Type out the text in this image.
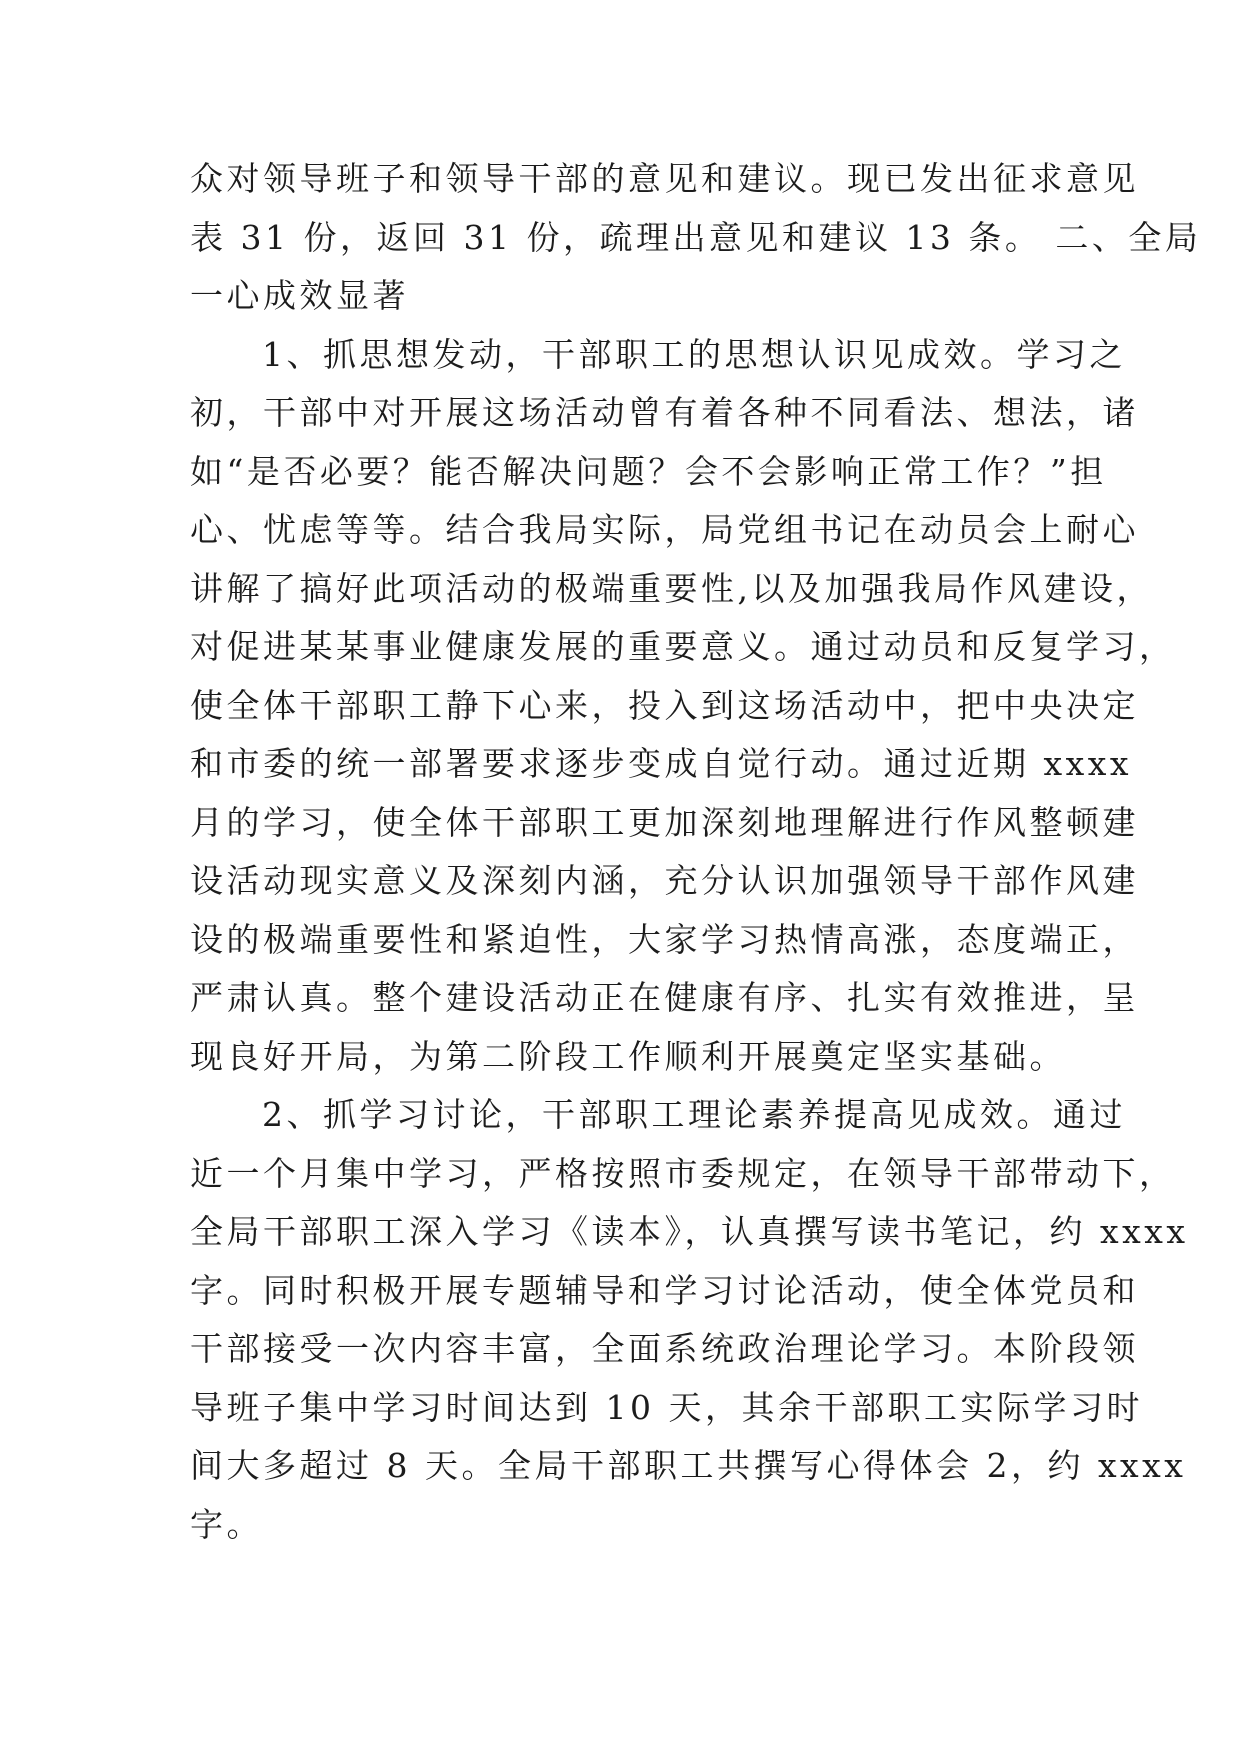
众对领导班子和领导干部的意见和建议。现已发出征求意见
表 31 份，返回 31 份，疏理出意见和建议 13 条。 二、全局
一心成效显著

1、抓思想发动，干部职工的思想认识见成效。学习之
初，干部中对开展这场活动曾有着各种不同看法、想法，诸
如“是否必要？能否解决问题？会不会影响正常工作？”担
心、忧虑等等。结合我局实际，局党组书记在动员会上耐心
讲解了搞好此项活动的极端重要性,以及加强我局作风建设，
对促进某某事业健康发展的重要意义。通过动员和反复学习，
使全体干部职工静下心来，投入到这场活动中，把中央决定
和市委的统一部署要求逐步变成自觉行动。通过近期 xxxx
月的学习，使全体干部职工更加深刻地理解进行作风整顿建
设活动现实意义及深刻内涵，充分认识加强领导干部作风建
设的极端重要性和紧迫性，大家学习热情高涨，态度端正，
严肃认真。整个建设活动正在健康有序、扎实有效推进，呈
现良好开局，为第二阶段工作顺利开展奠定坚实基础。

2、抓学习讨论，干部职工理论素养提高见成效。通过
近一个月集中学习，严格按照市委规定，在领导干部带动下，
全局干部职工深入学习《读本》，认真撰写读书笔记，约 xxxx
字。同时积极开展专题辅导和学习讨论活动，使全体党员和
干部接受一次内容丰富，全面系统政治理论学习。本阶段领
导班子集中学习时间达到 10 天，其余干部职工实际学习时
间大多超过 8 天。全局干部职工共撰写心得体会 2，约 xxxx
字。
